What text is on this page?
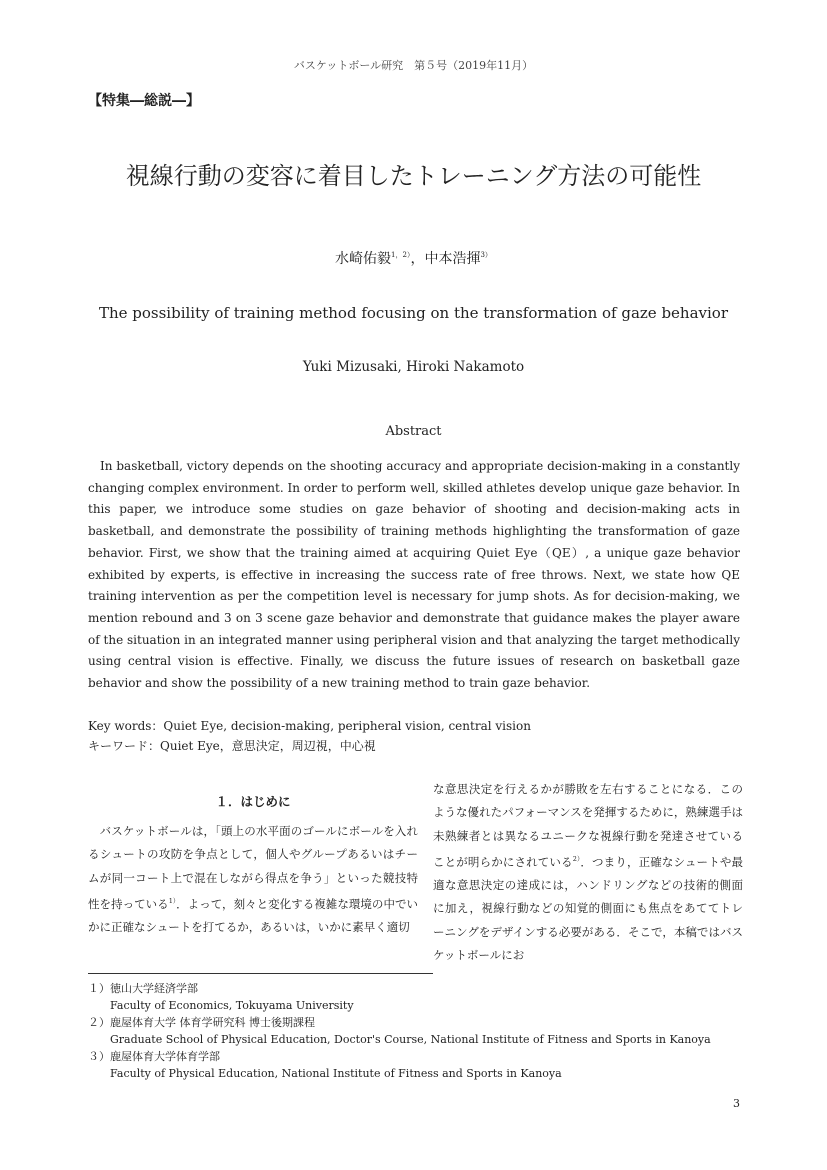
バスケットボール研究　第５号（2019年11月）
【特集―総説―】
視線行動の変容に着目したトレーニング方法の可能性
水崎佑毅$^{1,2)}$，中本浩揮$^{3)}$
The possibility of training method focusing on the transformation of gaze behavior
Yuki Mizusaki, Hiroki Nakamoto
Abstract

In basketball, victory depends on the shooting accuracy and appropriate decision-making in a constantly changing complex environment. In order to perform well, skilled athletes develop unique gaze behavior. In this paper, we introduce some studies on gaze behavior of shooting and decision-making acts in basketball, and demonstrate the possibility of training methods highlighting the transformation of gaze behavior. First, we show that the training aimed at acquiring Quiet Eye（QE）, a unique gaze behavior exhibited by experts, is effective in increasing the success rate of free throws. Next, we state how QE training intervention as per the competition level is necessary for jump shots. As for decision-making, we mention rebound and 3 on 3 scene gaze behavior and demonstrate that guidance makes the player aware of the situation in an integrated manner using peripheral vision and that analyzing the target methodically using central vision is effective. Finally, we discuss the future issues of research on basketball gaze behavior and show the possibility of a new training method to train gaze behavior.

Key words：Quiet Eye, decision-making, peripheral vision, central vision
キーワード：Quiet Eye，意思決定，周辺視，中心視
１．はじめに

　バスケットボールは，「頭上の水平面のゴールにボールを入れるシュートの攻防を争点として，個人やグループあるいはチームが同一コート上で混在しながら得点を争う」といった競技特性を持っている$^{1)}$．よって，刻々と変化する複雑な環境の中でいかに正確なシュートを打てるか，あるいは，いかに素早く適切

な意思決定を行えるかが勝敗を左右することになる．このような優れたパフォーマンスを発揮するために，熟練選手は未熟練者とは異なるユニークな視線行動を発達させていることが明らかにされている$^{2)}$．つまり，正確なシュートや最適な意思決定の達成には，ハンドリングなどの技術的側面に加え，視線行動などの知覚的側面にも焦点をあててトレーニングをデザインする必要がある．そこで，本稿ではバスケットボールにお

１）徳山大学経済学部
Faculty of Economics, Tokuyama University
２）鹿屋体育大学 体育学研究科 博士後期課程
Graduate School of Physical Education, Doctor's Course, National Institute of Fitness and Sports in Kanoya
３）鹿屋体育大学体育学部
Faculty of Physical Education, National Institute of Fitness and Sports in Kanoya
3
